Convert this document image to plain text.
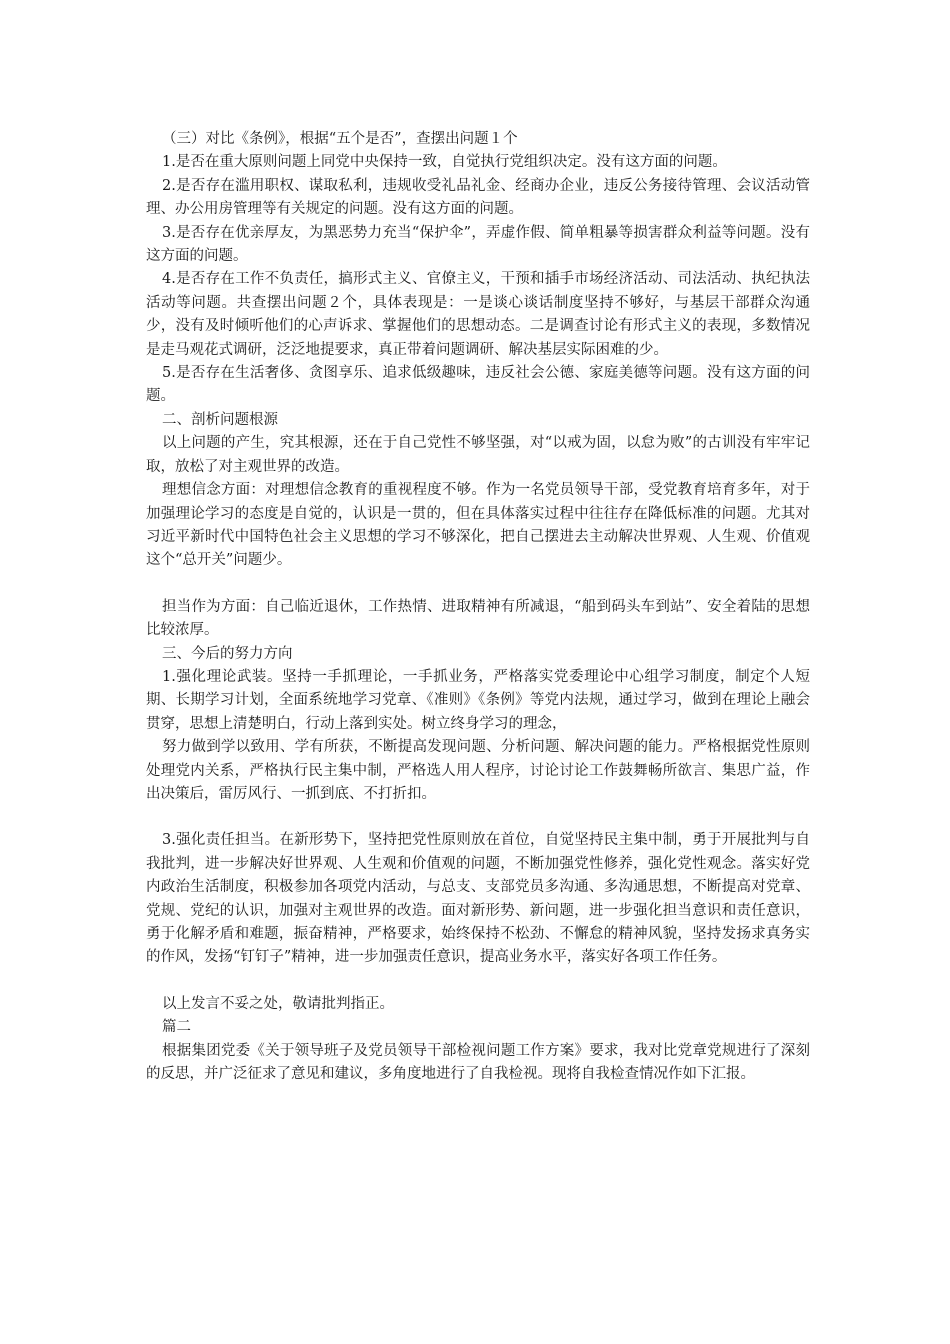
（三）对比《条例》，根据“五个是否”，查摆出问题１个

1.是否在重大原则问题上同党中央保持一致，自觉执行党组织决定。没有这方面的问题。

2.是否存在滥用职权、谋取私利，违规收受礼品礼金、经商办企业，违反公务接待管理、会议活动管理、办公用房管理等有关规定的问题。没有这方面的问题。

3.是否存在优亲厚友，为黑恶势力充当“保护伞”，弄虚作假、简单粗暴等损害群众利益等问题。没有这方面的问题。

4.是否存在工作不负责任，搞形式主义、官僚主义，干预和插手市场经济活动、司法活动、执纪执法活动等问题。共查摆出问题２个，具体表现是：一是谈心谈话制度坚持不够好，与基层干部群众沟通少，没有及时倾听他们的心声诉求、掌握他们的思想动态。二是调查讨论有形式主义的表现，多数情况是走马观花式调研，泛泛地提要求，真正带着问题调研、解决基层实际困难的少。

5.是否存在生活奢侈、贪图享乐、追求低级趣味，违反社会公德、家庭美德等问题。没有这方面的问题。

二、剖析问题根源

以上问题的产生，究其根源，还在于自己党性不够坚强，对“以戒为固，以怠为败”的古训没有牢牢记取，放松了对主观世界的改造。

理想信念方面：对理想信念教育的重视程度不够。作为一名党员领导干部，受党教育培育多年，对于加强理论学习的态度是自觉的，认识是一贯的，但在具体落实过程中往往存在降低标准的问题。尤其对习近平新时代中国特色社会主义思想的学习不够深化，把自己摆进去主动解决世界观、人生观、价值观这个“总开关”问题少。

担当作为方面：自己临近退休，工作热情、进取精神有所减退，“船到码头车到站”、安全着陆的思想比较浓厚。

三、今后的努力方向

1.强化理论武装。坚持一手抓理论，一手抓业务，严格落实党委理论中心组学习制度，制定个人短期、长期学习计划，全面系统地学习党章、《准则》《条例》等党内法规，通过学习，做到在理论上融会贯穿，思想上清楚明白，行动上落到实处。树立终身学习的理念，

努力做到学以致用、学有所获，不断提高发现问题、分析问题、解决问题的能力。严格根据党性原则处理党内关系，严格执行民主集中制，严格选人用人程序，讨论讨论工作鼓舞畅所欲言、集思广益，作出决策后，雷厉风行、一抓到底、不打折扣。

3.强化责任担当。在新形势下，坚持把党性原则放在首位，自觉坚持民主集中制，勇于开展批判与自我批判，进一步解决好世界观、人生观和价值观的问题，不断加强党性修养，强化党性观念。落实好党内政治生活制度，积极参加各项党内活动，与总支、支部党员多沟通、多沟通思想，不断提高对党章、党规、党纪的认识，加强对主观世界的改造。面对新形势、新问题，进一步强化担当意识和责任意识，勇于化解矛盾和难题，振奋精神，严格要求，始终保持不松劲、不懈怠的精神风貌，坚持发扬求真务实的作风，发扬“钉钉子”精神，进一步加强责任意识，提高业务水平，落实好各项工作任务。

以上发言不妥之处，敬请批判指正。

篇二

根据集团党委《关于领导班子及党员领导干部检视问题工作方案》要求，我对比党章党规进行了深刻的反思，并广泛征求了意见和建议，多角度地进行了自我检视。现将自我检查情况作如下汇报。
